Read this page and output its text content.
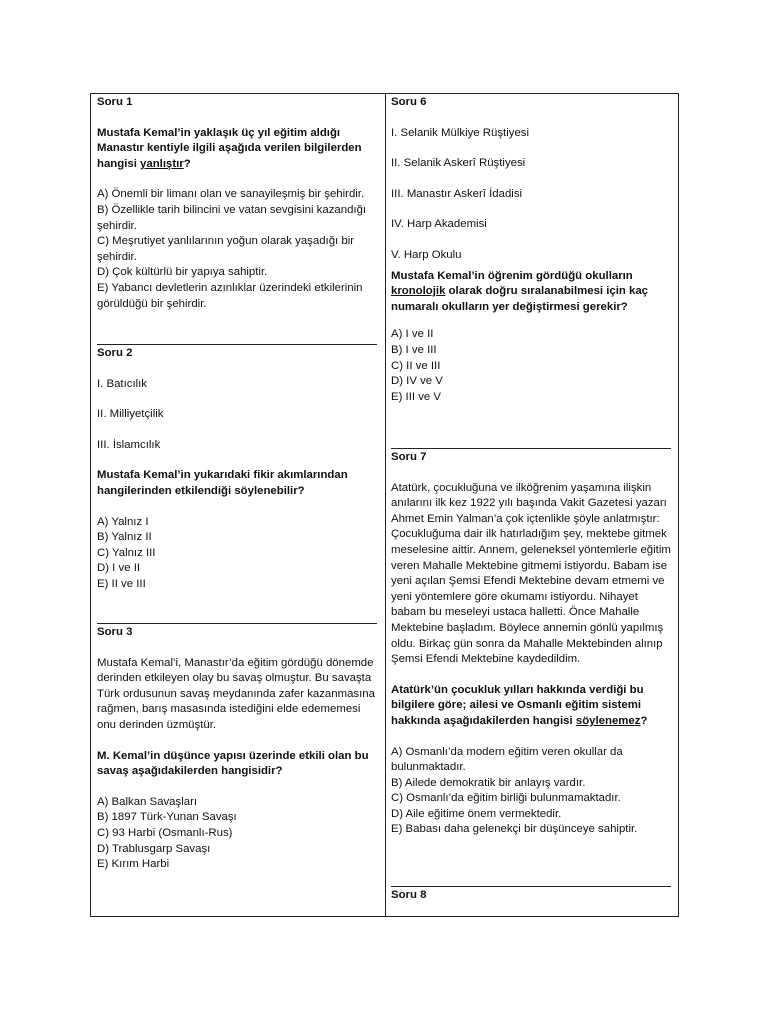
Soru 1

Mustafa Kemal’in yaklaşık üç yıl eğitim aldığı Manastır kentiyle ilgili aşağıda verilen bilgilerden hangisi yanlıştır?

A) Önemli bir limanı olan ve sanayileşmiş bir şehirdir.
B) Özellikle tarih bilincini ve vatan sevgisini kazandığı şehirdir.
C) Meşrutiyet yanlılarının yoğun olarak yaşadığı bir şehirdir.
D) Çok kültürlü bir yapıya sahiptir.
E) Yabancı devletlerin azınlıklar üzerindeki etkilerinin görüldüğü bir şehirdir.

Soru 2

I. Batıcılık

II. Milliyetçilik

III. İslamcılık

Mustafa Kemal’in yukarıdaki fikir akımlarından hangilerinden etkilendiği söylenebilir?

A) Yalnız I
B) Yalnız II
C) Yalnız III
D) I ve II
E) II ve III

Soru 3

Mustafa Kemal’i, Manastır’da eğitim gördüğü dönemde derinden etkileyen olay bu savaş olmuştur. Bu savaşta Türk ordusunun savaş meydanında zafer kazanmasına rağmen, barış masasında istediğini elde edememesi onu derinden üzmüştür.

M. Kemal’in düşünce yapısı üzerinde etkili olan bu savaş aşağıdakilerden hangisidir?

A) Balkan Savaşları
B) 1897 Türk-Yunan Savaşı
C) 93 Harbi (Osmanlı-Rus)
D) Trablusgarp Savaşı
E) Kırım Harbi

Soru 6

I. Selanik Mülkiye Rüştiyesi

II. Selanik Askerî Rüştiyesi

III. Manastır Askerî İdadisi

IV. Harp Akademisi

V. Harp Okulu

Mustafa Kemal’in öğrenim gördüğü okulların kronolojik olarak doğru sıralanabilmesi için kaç numaralı okulların yer değiştirmesi gerekir?

A) I ve II
B) I ve III
C) II ve III
D) IV ve V
E) III ve V

Soru 7

Atatürk, çocukluğuna ve ilköğrenim yaşamına ilişkin anılarını ilk kez 1922 yılı başında Vakit Gazetesi yazarı Ahmet Emin Yalman’a çok içtenlikle şöyle anlatmıştır: Çocukluğuma dair ilk hatırladığım şey, mektebe gitmek meselesine aittir. Annem, geleneksel yöntemlerle eğitim veren Mahalle Mektebine gitmemi istiyordu. Babam ise yeni açılan Şemsi Efendi Mektebine devam etmemi ve yeni yöntemlere göre okumamı istiyordu. Nihayet babam bu meseleyi ustaca halletti. Önce Mahalle Mektebine başladım. Böylece annemin gönlü yapılmış oldu. Birkaç gün sonra da Mahalle Mektebinden alınıp Şemsi Efendi Mektebine kaydedildim.

Atatürk’ün çocukluk yılları hakkında verdiği bu bilgilere göre; ailesi ve Osmanlı eğitim sistemi hakkında aşağıdakilerden hangisi söylenemez?

A) Osmanlı’da modern eğitim veren okullar da bulunmaktadır.
B) Ailede demokratik bir anlayış vardır.
C) Osmanlı’da eğitim birliği bulunmamaktadır.
D) Aile eğitime önem vermektedir.
E) Babası daha gelenekçi bir düşünceye sahiptir.

Soru 8
